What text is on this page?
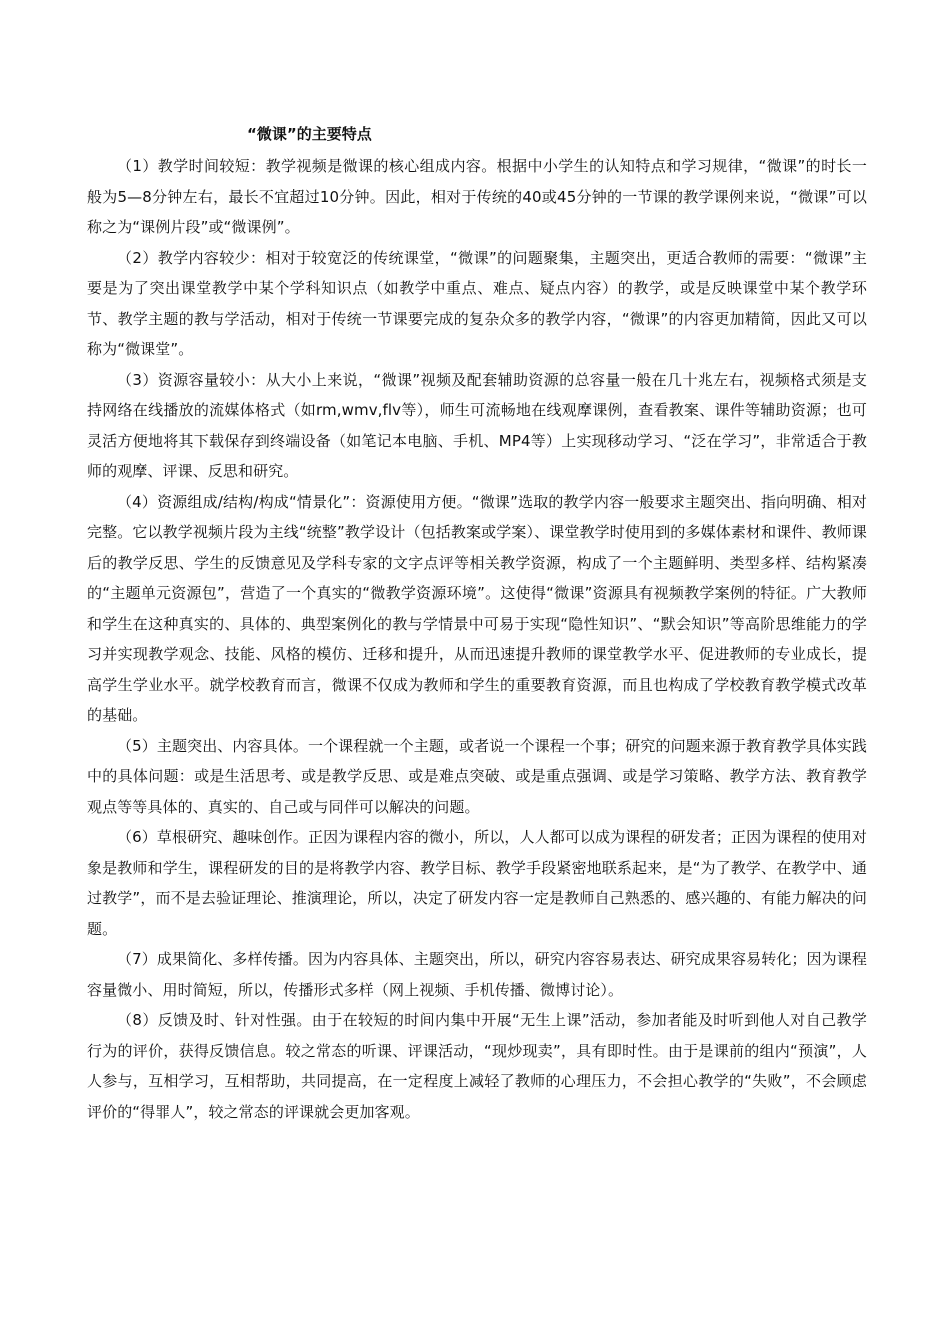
“微课”的主要特点

（1）教学时间较短：教学视频是微课的核心组成内容。根据中小学生的认知特点和学习规律，“微课”的时长一般为5—8分钟左右，最长不宜超过10分钟。因此，相对于传统的40或45分钟的一节课的教学课例来说，“微课”可以称之为“课例片段”或“微课例”。

（2）教学内容较少：相对于较宽泛的传统课堂，“微课”的问题聚集，主题突出，更适合教师的需要：“微课”主要是为了突出课堂教学中某个学科知识点（如教学中重点、难点、疑点内容）的教学，或是反映课堂中某个教学环节、教学主题的教与学活动，相对于传统一节课要完成的复杂众多的教学内容，“微课”的内容更加精简，因此又可以称为“微课堂”。

（3）资源容量较小：从大小上来说，“微课”视频及配套辅助资源的总容量一般在几十兆左右，视频格式须是支持网络在线播放的流媒体格式（如rm,wmv,flv等），师生可流畅地在线观摩课例，查看教案、课件等辅助资源；也可灵活方便地将其下载保存到终端设备（如笔记本电脑、手机、MP4等）上实现移动学习、“泛在学习”，非常适合于教师的观摩、评课、反思和研究。

（4）资源组成/结构/构成“情景化”：资源使用方便。“微课”选取的教学内容一般要求主题突出、指向明确、相对完整。它以教学视频片段为主线“统整”教学设计（包括教案或学案）、课堂教学时使用到的多媒体素材和课件、教师课后的教学反思、学生的反馈意见及学科专家的文字点评等相关教学资源，构成了一个主题鲜明、类型多样、结构紧凑的“主题单元资源包”，营造了一个真实的“微教学资源环境”。这使得“微课”资源具有视频教学案例的特征。广大教师和学生在这种真实的、具体的、典型案例化的教与学情景中可易于实现“隐性知识”、“默会知识”等高阶思维能力的学习并实现教学观念、技能、风格的模仿、迁移和提升，从而迅速提升教师的课堂教学水平、促进教师的专业成长，提高学生学业水平。就学校教育而言，微课不仅成为教师和学生的重要教育资源，而且也构成了学校教育教学模式改革的基础。

（5）主题突出、内容具体。一个课程就一个主题，或者说一个课程一个事；研究的问题来源于教育教学具体实践中的具体问题：或是生活思考、或是教学反思、或是难点突破、或是重点强调、或是学习策略、教学方法、教育教学观点等等具体的、真实的、自己或与同伴可以解决的问题。

（6）草根研究、趣味创作。正因为课程内容的微小，所以，人人都可以成为课程的研发者；正因为课程的使用对象是教师和学生，课程研发的目的是将教学内容、教学目标、教学手段紧密地联系起来，是“为了教学、在教学中、通过教学”，而不是去验证理论、推演理论，所以，决定了研发内容一定是教师自己熟悉的、感兴趣的、有能力解决的问题。

（7）成果简化、多样传播。因为内容具体、主题突出，所以，研究内容容易表达、研究成果容易转化；因为课程容量微小、用时简短，所以，传播形式多样（网上视频、手机传播、微博讨论）。

（8）反馈及时、针对性强。由于在较短的时间内集中开展“无生上课”活动，参加者能及时听到他人对自己教学行为的评价，获得反馈信息。较之常态的听课、评课活动，“现炒现卖”，具有即时性。由于是课前的组内“预演”，人人参与，互相学习，互相帮助，共同提高，在一定程度上减轻了教师的心理压力，不会担心教学的“失败”，不会顾虑评价的“得罪人”，较之常态的评课就会更加客观。
